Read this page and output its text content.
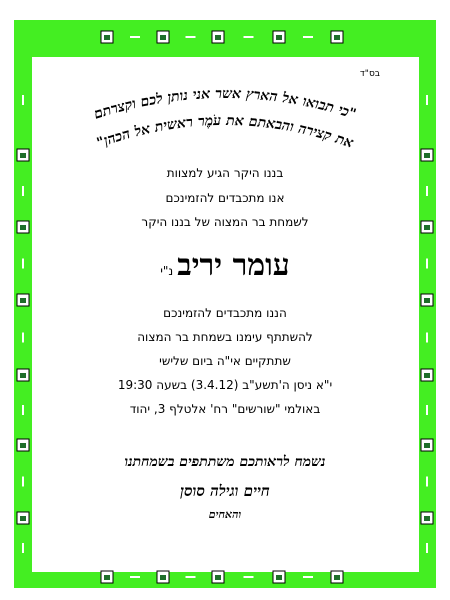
בס"ד
"כי תבואו אל הארץ אשר אני נותן לכם וקצרתם
את קצירה והבאתם את עֹמֶר ראשית אל הכהן"
בננו היקר הגיע למצוות
אנו מתכבדים להזמינכם
לשמחת בר המצוה של בננו היקר
עומר יריבנ"י
הננו מתכבדים להזמינכם
להשתתף עימנו בשמחת בר המצוה
שתתקיים אי"ה ביום שלישי
י"א ניסן ה'תשע"ב (3.4.12) בשעה 19:30
באולמי "שורשים" רח' אלטלף 3, יהוד
נשמח לראותכם משתתפים בשמחתנו
חיים וגילה סוסן
והאחים
